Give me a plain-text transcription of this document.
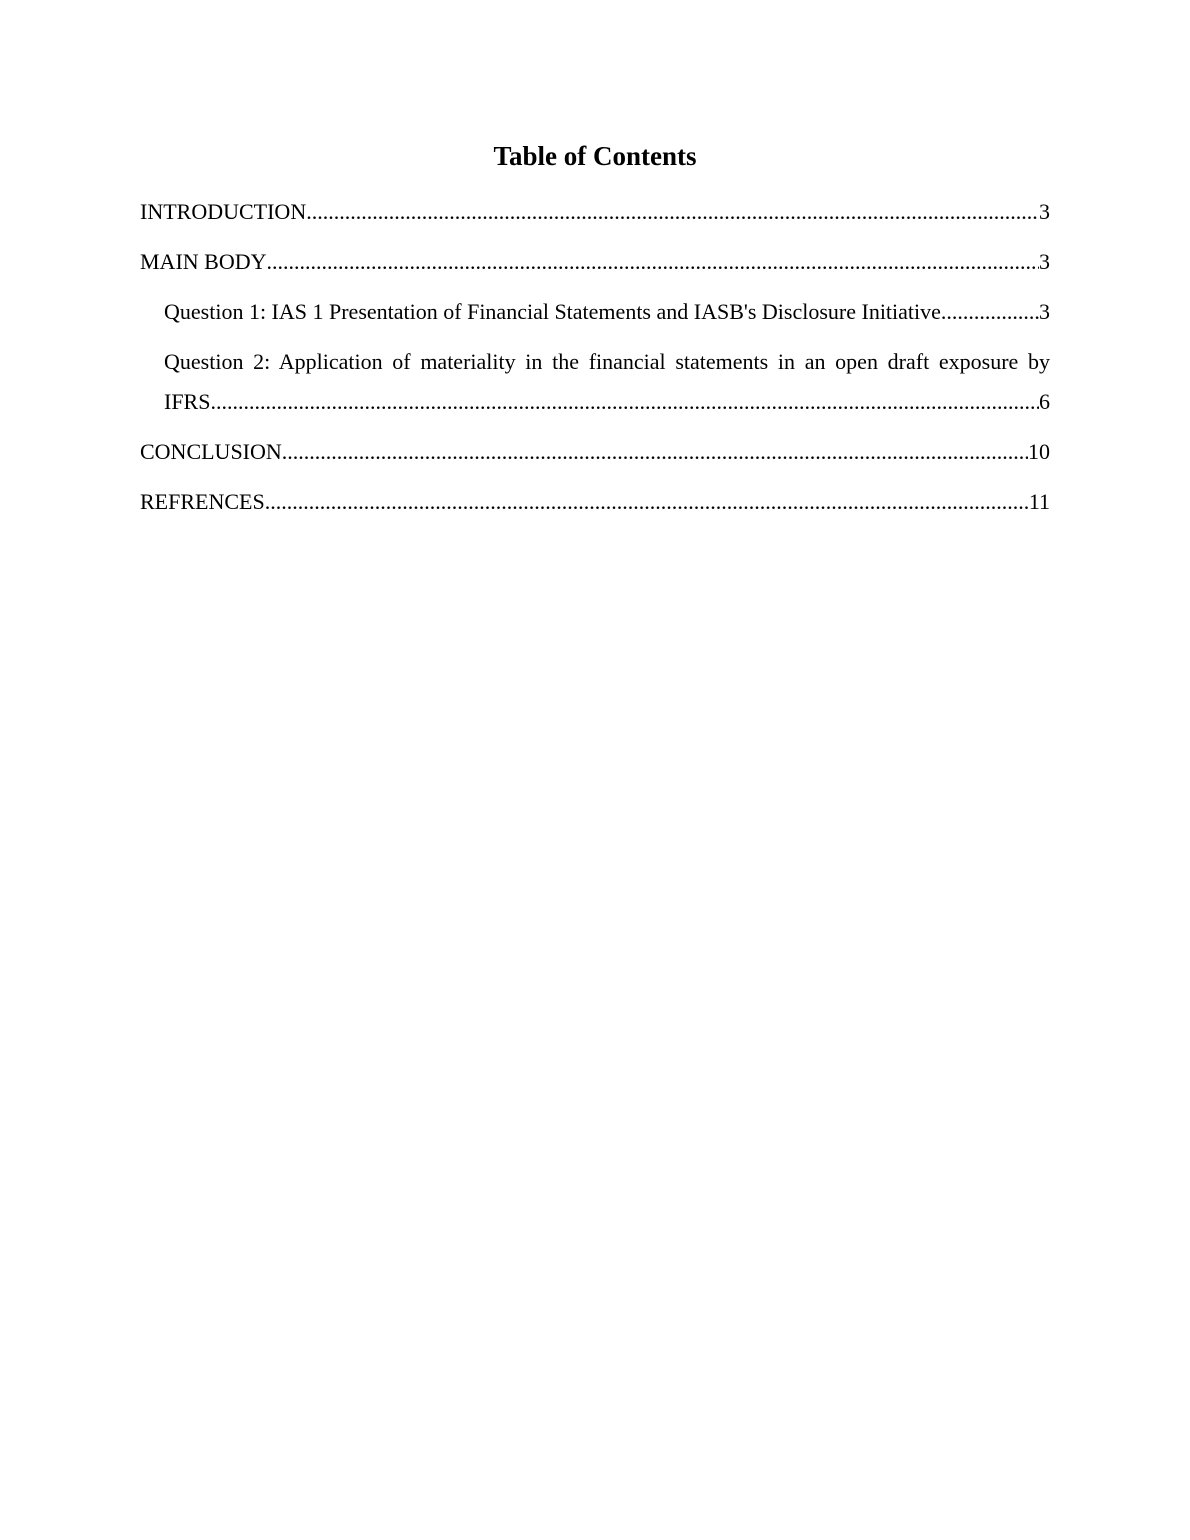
Table of Contents
INTRODUCTION .....	3
MAIN BODY .....	3
Question 1: IAS 1 Presentation of Financial Statements and IASB's Disclosure Initiative. .....	3
Question 2: Application of materiality in the financial statements in an open draft exposure by
IFRS .....	6
CONCLUSION .....	10
REFRENCES .....	11
